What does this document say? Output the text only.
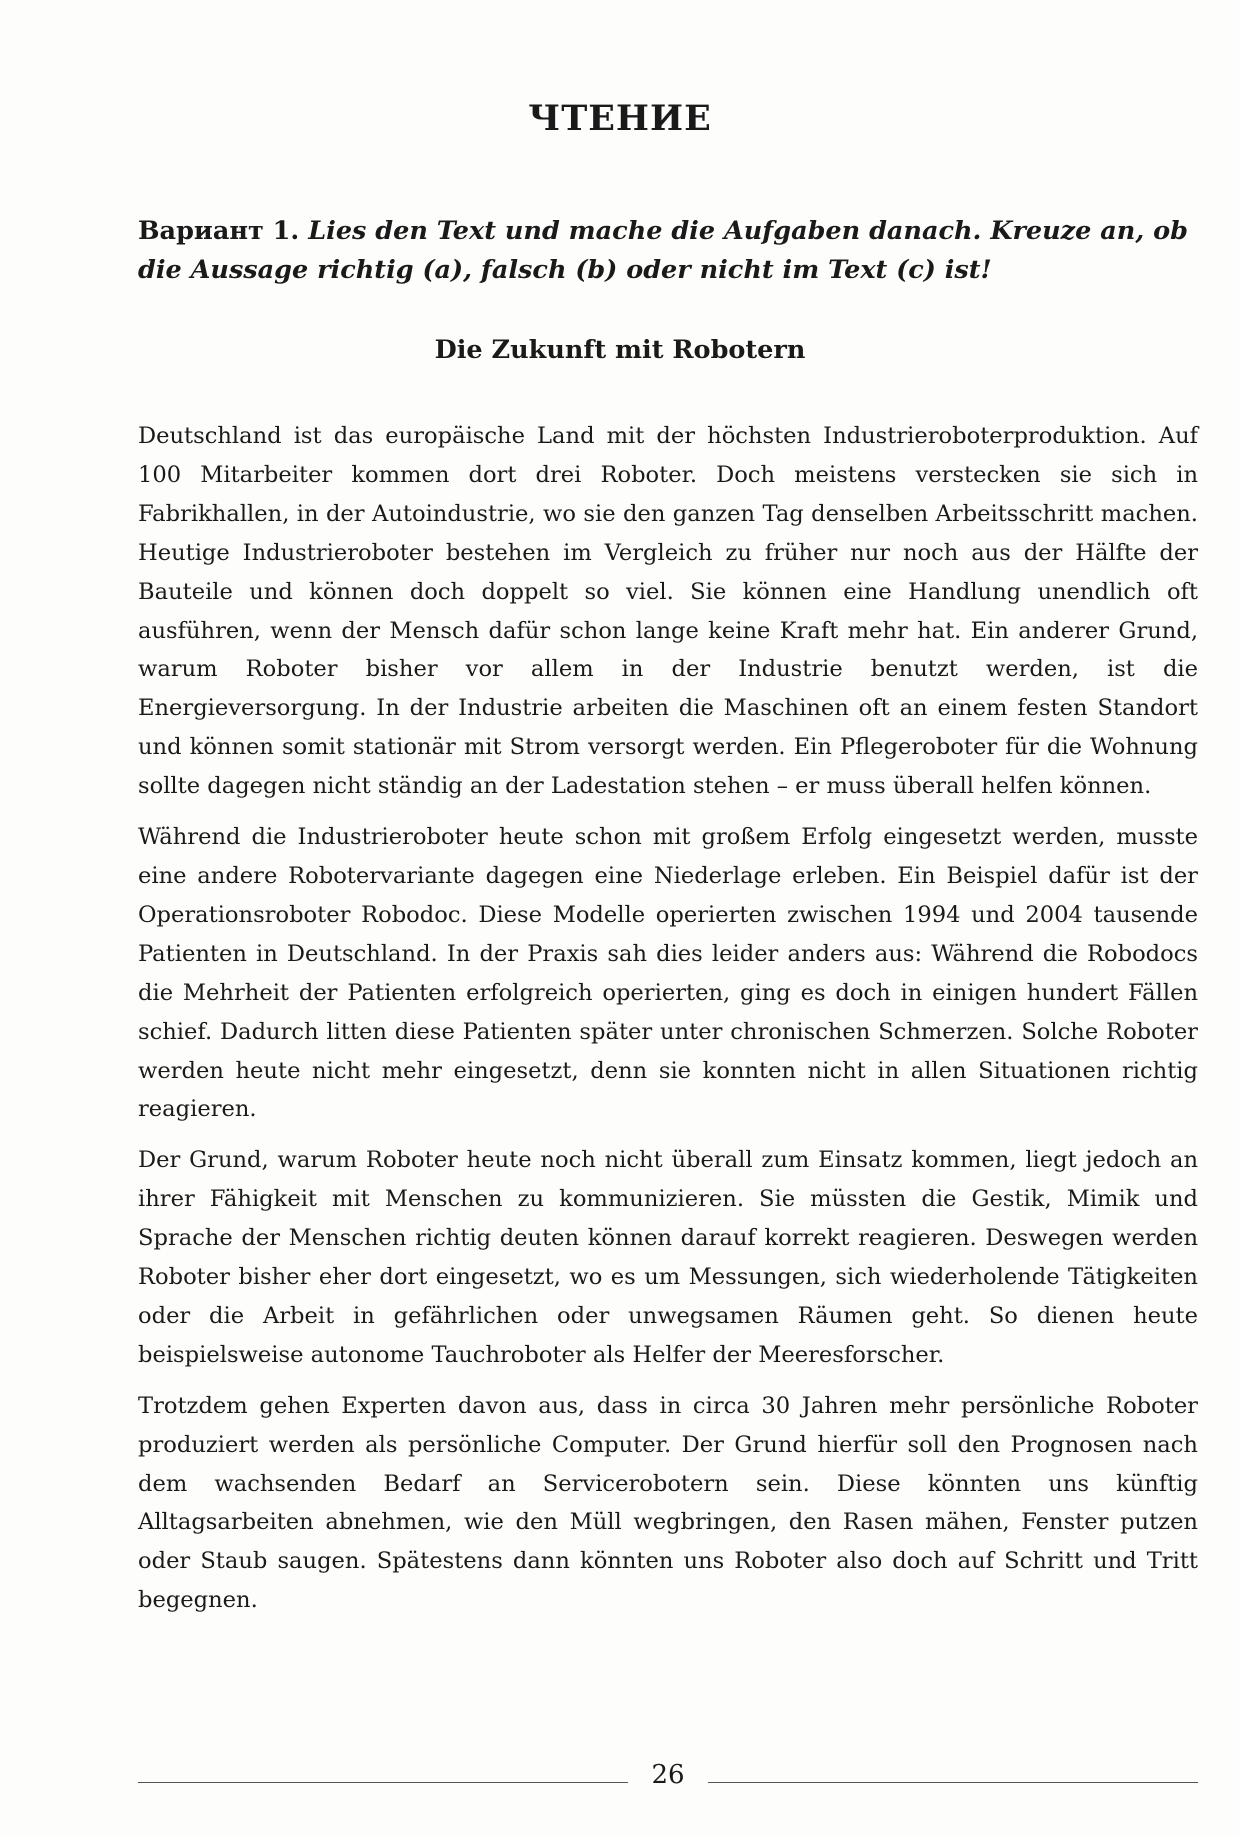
ЧТЕНИЕ

Вариант 1. Lies den Text und mache die Aufgaben danach. Kreuze an, ob die Aussage richtig (a), falsch (b) oder nicht im Text (c) ist!

Die Zukunft mit Robotern

Deutschland ist das europäische Land mit der höchsten Industrieroboterproduktion. Auf 100 Mitarbeiter kommen dort drei Roboter. Doch meistens verstecken sie sich in Fabrikhallen, in der Autoindustrie, wo sie den ganzen Tag denselben Arbeitsschritt machen. Heutige Industrieroboter bestehen im Vergleich zu früher nur noch aus der Hälfte der Bauteile und können doch doppelt so viel. Sie können eine Handlung unendlich oft ausführen, wenn der Mensch dafür schon lange keine Kraft mehr hat. Ein anderer Grund, warum Roboter bisher vor allem in der Industrie benutzt werden, ist die Energieversorgung. In der Industrie arbeiten die Maschinen oft an einem festen Standort und können somit stationär mit Strom versorgt werden. Ein Pflegeroboter für die Wohnung sollte dagegen nicht ständig an der Ladestation stehen – er muss überall helfen können.

Während die Industrieroboter heute schon mit großem Erfolg eingesetzt werden, musste eine andere Robotervariante dagegen eine Niederlage erleben. Ein Beispiel dafür ist der Operationsroboter Robodoc. Diese Modelle operierten zwischen 1994 und 2004 tausende Patienten in Deutschland. In der Praxis sah dies leider anders aus: Während die Robodocs die Mehrheit der Patienten erfolgreich operierten, ging es doch in einigen hundert Fällen schief. Dadurch litten diese Patienten später unter chronischen Schmerzen. Solche Roboter werden heute nicht mehr eingesetzt, denn sie konnten nicht in allen Situationen richtig reagieren.

Der Grund, warum Roboter heute noch nicht überall zum Einsatz kommen, liegt jedoch an ihrer Fähigkeit mit Menschen zu kommunizieren. Sie müssten die Gestik, Mimik und Sprache der Menschen richtig deuten können darauf korrekt reagieren. Deswegen werden Roboter bisher eher dort eingesetzt, wo es um Messungen, sich wiederholende Tätigkeiten oder die Arbeit in gefährlichen oder unwegsamen Räumen geht. So dienen heute beispielsweise autonome Tauchroboter als Helfer der Meeresforscher.

Trotzdem gehen Experten davon aus, dass in circa 30 Jahren mehr persönliche Roboter produziert werden als persönliche Computer. Der Grund hierfür soll den Prognosen nach dem wachsenden Bedarf an Servicerobotern sein. Diese könnten uns künftig Alltagsarbeiten abnehmen, wie den Müll wegbringen, den Rasen mähen, Fenster putzen oder Staub saugen. Spätestens dann könnten uns Roboter also doch auf Schritt und Tritt begegnen.

26
